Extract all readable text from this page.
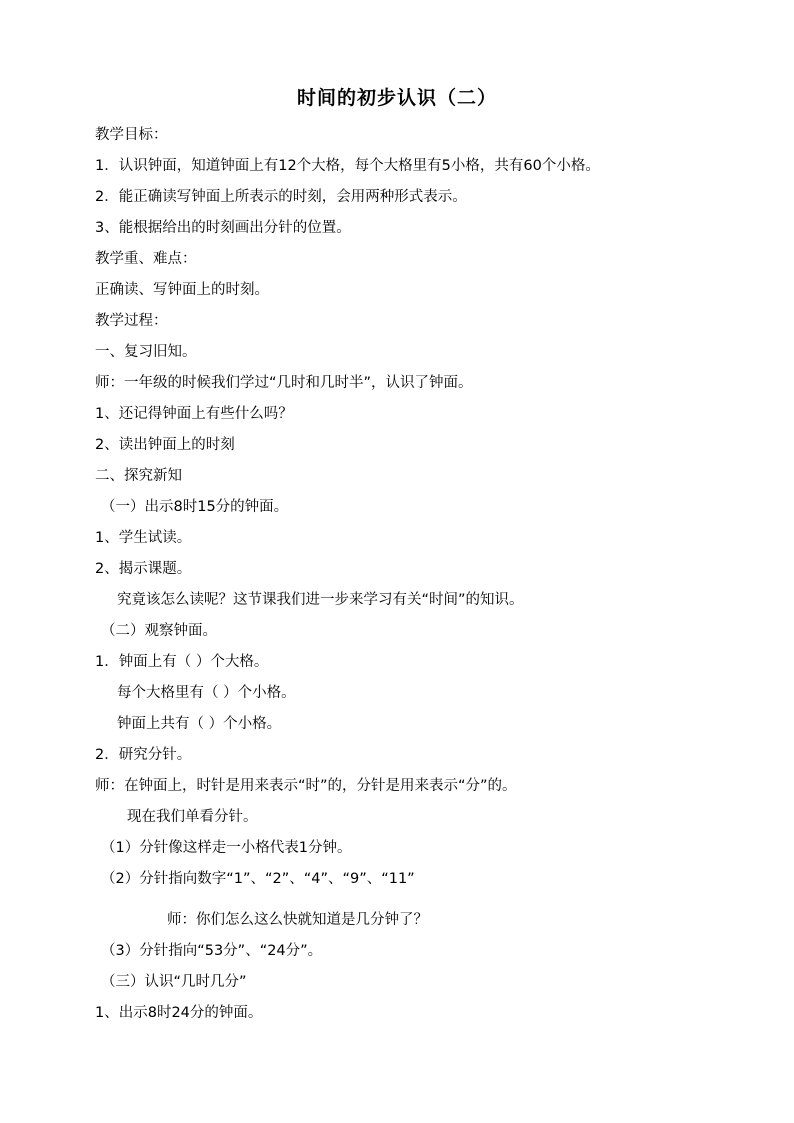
时间的初步认识（二）
教学目标：
1．认识钟面，知道钟面上有12个大格，每个大格里有5小格，共有60个小格。
2．能正确读写钟面上所表示的时刻，会用两种形式表示。
3、能根据给出的时刻画出分针的位置。
教学重、难点：
正确读、写钟面上的时刻。
教学过程：
一、复习旧知。
师：一年级的时候我们学过“几时和几时半”，认识了钟面。
1、还记得钟面上有些什么吗？
2、读出钟面上的时刻
二、探究新知
（一）出示8时15分的钟面。
1、学生试读。
2、揭示课题。
究竟该怎么读呢？这节课我们进一步来学习有关“时间”的知识。
（二）观察钟面。
1．钟面上有（ ）个大格。
每个大格里有（ ）个小格。
钟面上共有（ ）个小格。
2．研究分针。
师：在钟面上，时针是用来表示“时”的，分针是用来表示“分”的。
现在我们单看分针。
（1）分针像这样走一小格代表1分钟。
（2）分针指向数字“1”、“2”、“4”、“9”、“11”
师：你们怎么这么快就知道是几分钟了？
（3）分针指向“53分”、“24分”。
（三）认识“几时几分”
1、出示8时24分的钟面。
